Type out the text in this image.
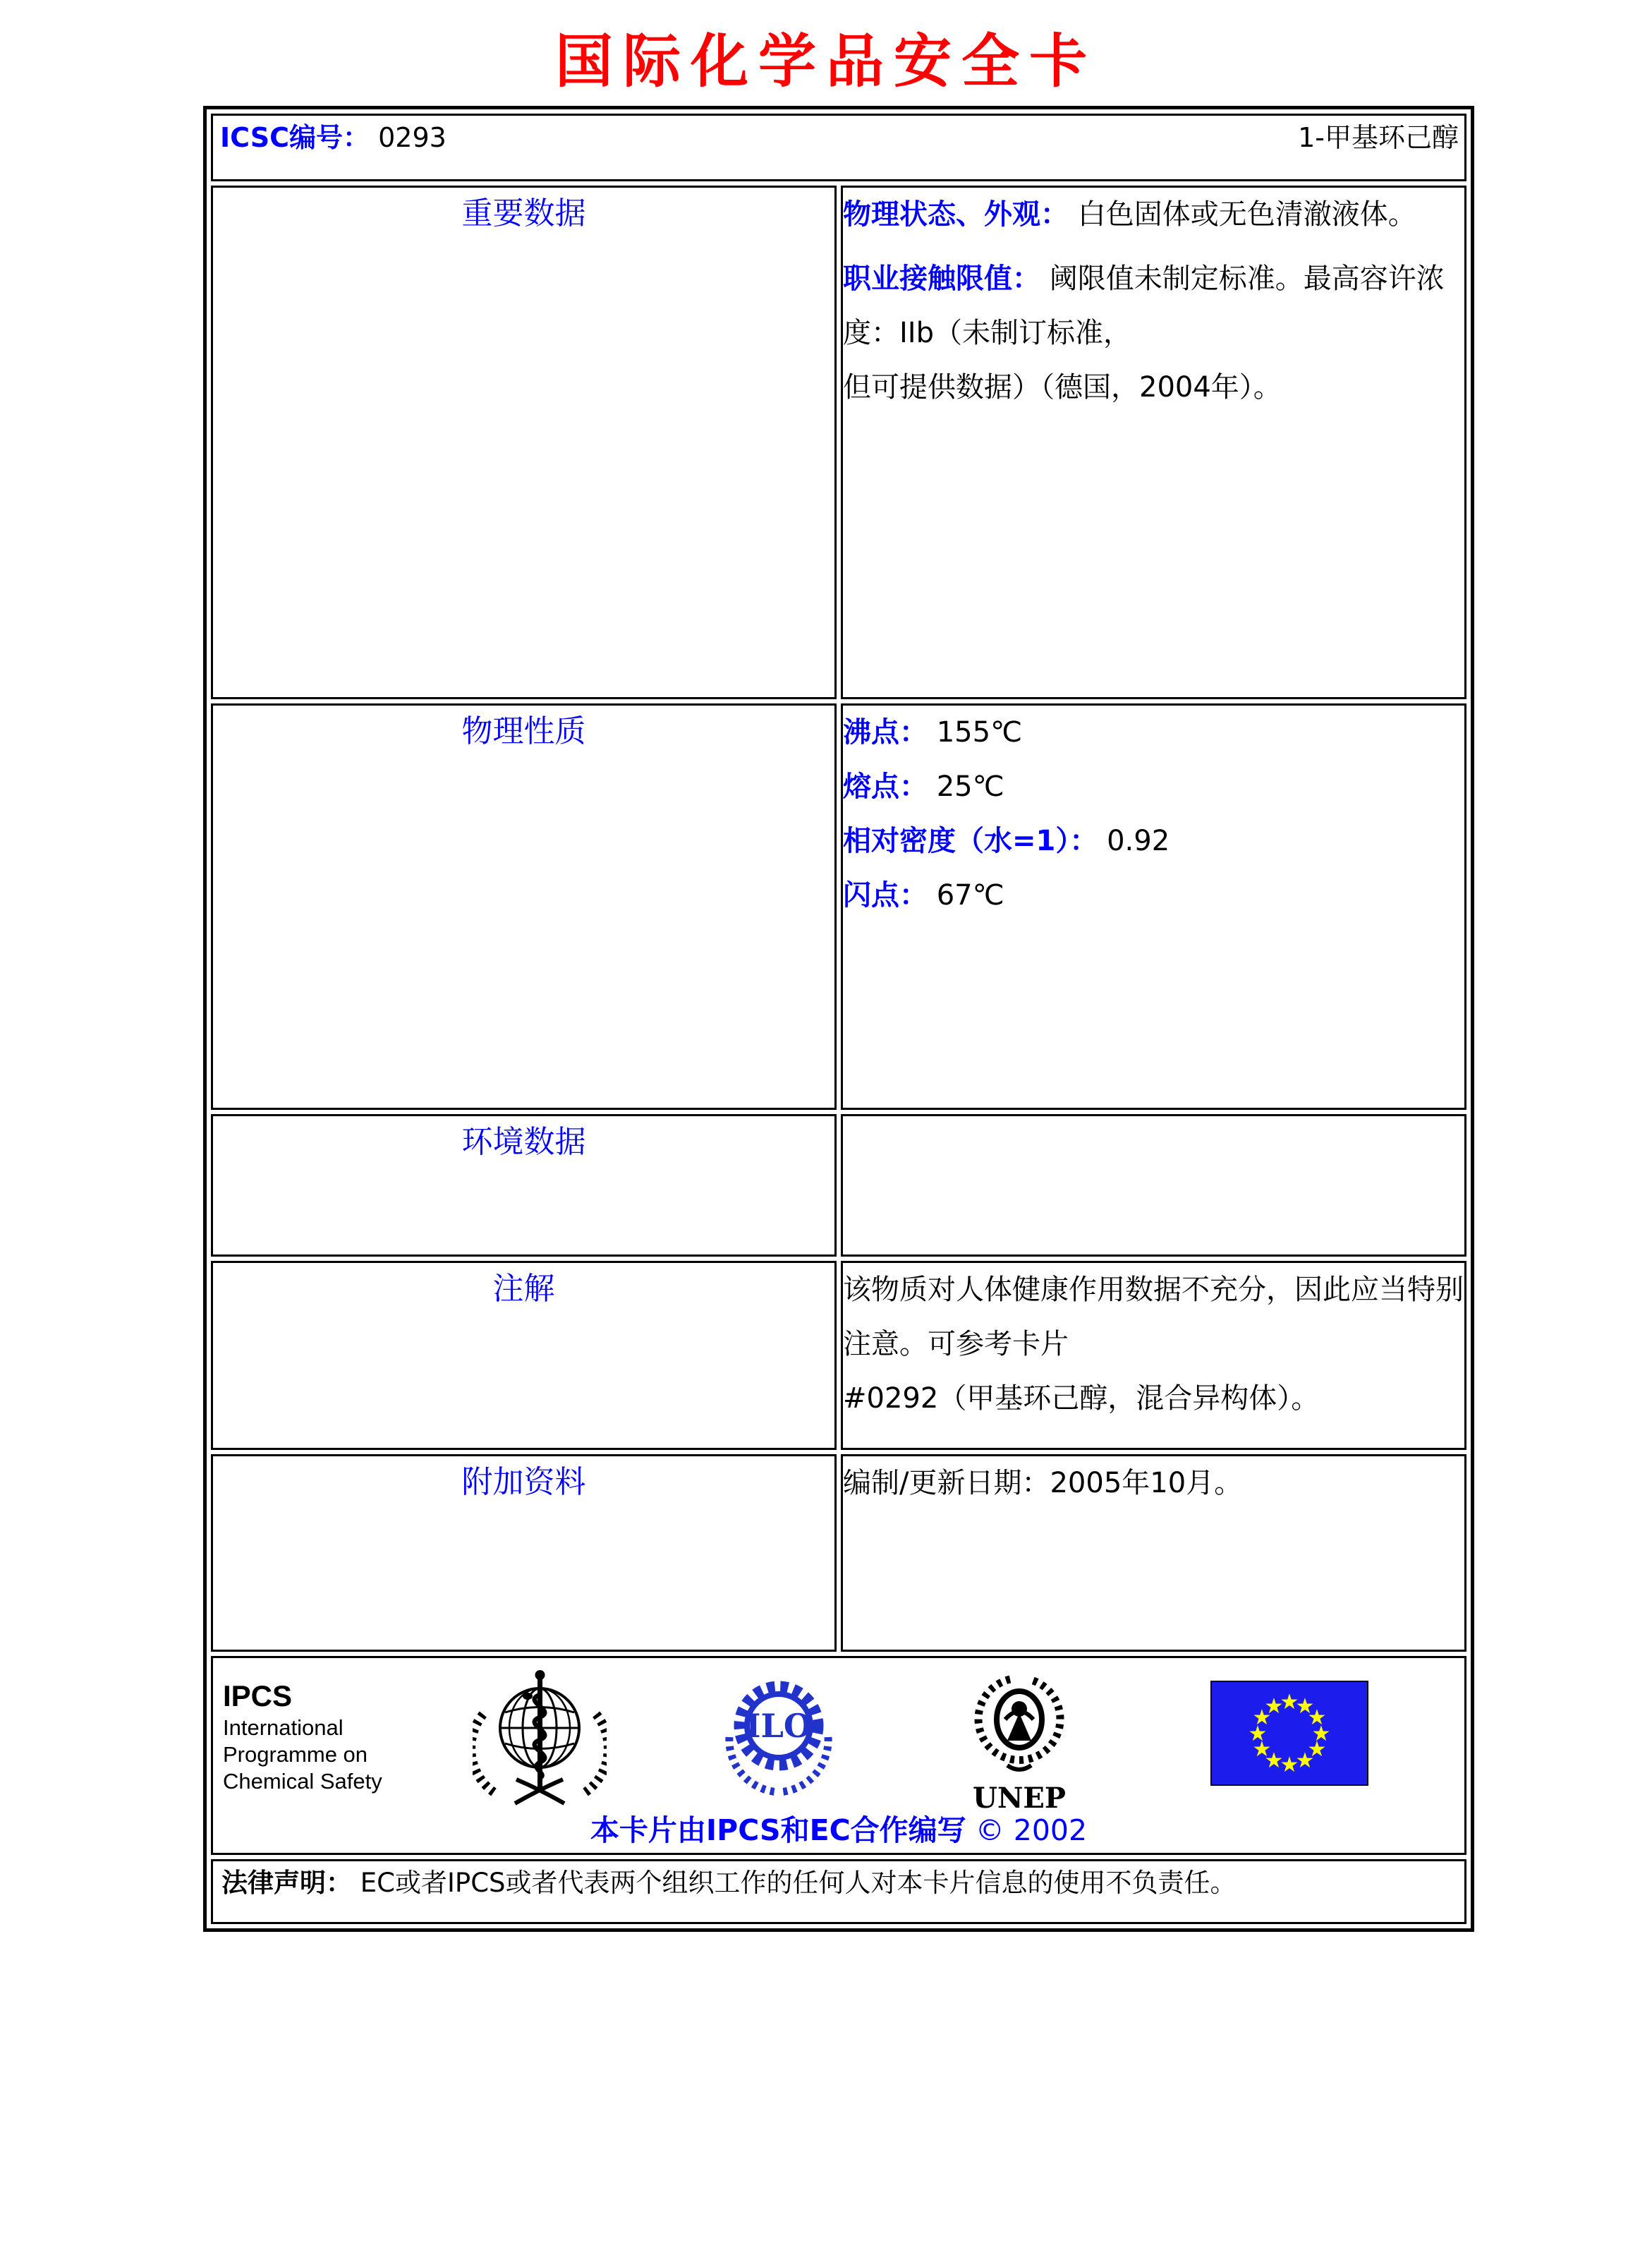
国际化学品安全卡
ICSC编号： 0293 1-甲基环己醇	

重要数据	物理状态、外观： 白色固体或无色清澈液体。

职业接触限值： 阈限值未制定标准。最高容许浓度：IIb（未制订标准，
但可提供数据）（德国，2004年）。

物理性质	沸点： 155℃

熔点： 25℃

相对密度（水=1）： 0.92

闪点： 67℃

环境数据	
注解	该物质对人体健康作用数据不充分，因此应当特别注意。可参考卡片
#0292（甲基环己醇，混合异构体）。
附加资料	编制/更新日期：2005年10月。

IPCS
International
Programme on
Chemical Safety
ILO
UNEP
★
★
★
★
★
★
★
★
★
★
★
★
本卡片由IPCS和EC合作编写 © 2002

法律声明： EC或者IPCS或者代表两个组织工作的任何人对本卡片信息的使用不负责任。	
